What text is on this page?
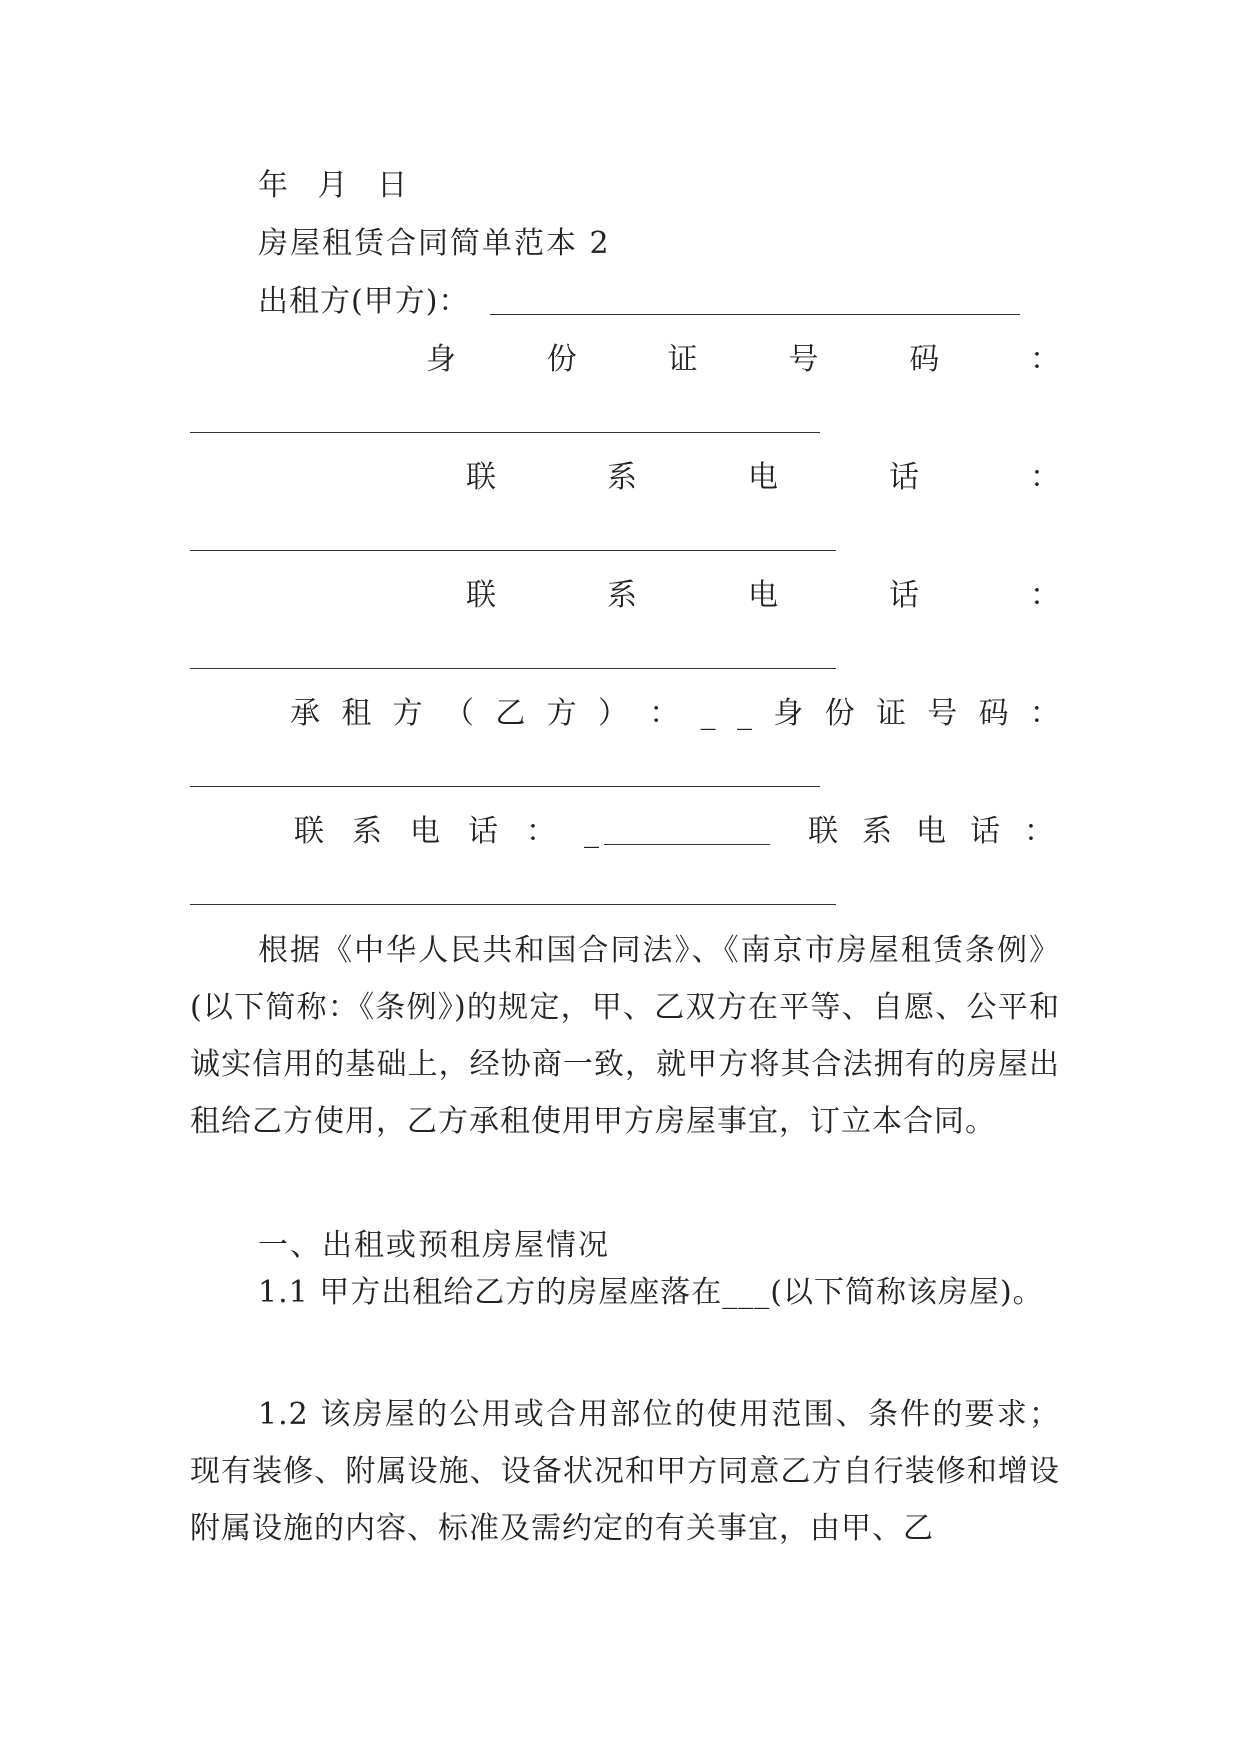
年 月 日
房屋租赁合同简单范本 2
出租方(甲方)：
身	份	证	号	码	：
联	系	电	话	：
联	系	电	话	：
承 租 方 （ 乙 方 ） ： _ _ 身 份 证 号 码 ：
联系电话：_	联系电话：
根据《中华人民共和国合同法》、《南京市房屋租赁条例》(以下简称：《条例》)的规定，甲、乙双方在平等、自愿、公平和诚实信用的基础上，经协商一致，就甲方将其合法拥有的房屋出租给乙方使用，乙方承租使用甲方房屋事宜，订立本合同。
一、出租或预租房屋情况
1.1 甲方出租给乙方的房屋座落在___(以下简称该房屋)。
1.2 该房屋的公用或合用部位的使用范围、条件的要求；现有装修、附属设施、设备状况和甲方同意乙方自行装修和增设附属设施的内容、标准及需约定的有关事宜，由甲、乙
